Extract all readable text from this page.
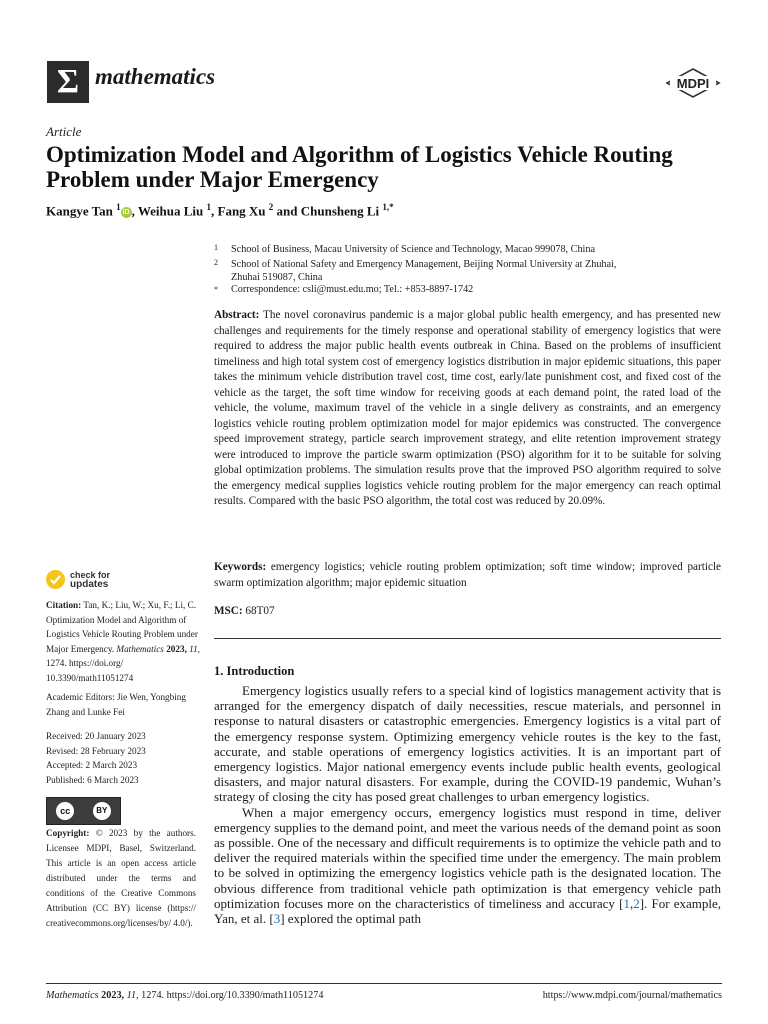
Σ mathematics	MDPI
Article
Optimization Model and Algorithm of Logistics Vehicle Routing Problem under Major Emergency
Kangye Tan $^1$iD , Weihua Liu $^1$, Fang Xu $^2$ and Chunsheng Li $^{1,*}$
1 School of Business, Macau University of Science and Technology, Macao 999078, China
2 School of National Safety and Emergency Management, Beijing Normal University at Zhuhai,
Zhuhai 519087, China
* Correspondence: csli@must.edu.mo; Tel.: +853-8897-1742
Abstract: The novel coronavirus pandemic is a major global public health emergency, and has presented new challenges and requirements for the timely response and operational stability of emergency logistics that were required to address the major public health events outbreak in China. Based on the problems of insufficient timeliness and high total system cost of emergency logistics distribution in major epidemic situations, this paper takes the minimum vehicle distribution travel cost, time cost, early/late punishment cost, and fixed cost of the vehicle as the target, the soft time window for receiving goods at each demand point, the rated load of the vehicle, the volume, maximum travel of the vehicle in a single delivery as constraints, and an emergency logistics vehicle routing problem optimization model for major epidemics was constructed. The convergence speed improvement strategy, particle search improvement strategy, and elite retention improvement strategy were introduced to improve the particle swarm optimization (PSO) algorithm for it to be suitable for solving global optimization problems. The simulation results prove that the improved PSO algorithm required to solve the emergency medical supplies logistics vehicle routing problem for the major emergency can reach optimal results. Compared with the basic PSO algorithm, the total cost was reduced by 20.09%.
Keywords: emergency logistics; vehicle routing problem optimization; soft time window; improved particle swarm optimization algorithm; major epidemic situation
MSC: 68T07
1. Introduction

Emergency logistics usually refers to a special kind of logistics management activity that is arranged for the emergency dispatch of daily necessities, rescue materials, and personnel in response to natural disasters or catastrophic emergencies. Emergency logistics is a vital part of the emergency response system. Optimizing emergency vehicle routes is the key to the fast, accurate, and stable operations of emergency logistics activities. It is an important part of emergency logistics. Major national emergency events include public health events, geological disasters, and major natural disasters. For example, during the COVID-19 pandemic, Wuhan’s strategy of closing the city has posed great challenges to urban emergency logistics.

When a major emergency occurs, emergency logistics must respond in time, deliver emergency supplies to the demand point, and meet the various needs of the demand point as soon as possible. One of the necessary and difficult requirements is to optimize the vehicle path and to deliver the required materials within the specified time under the emergency. The main problem to be solved in optimizing the emergency logistics vehicle path is the designated location. The obvious difference from traditional vehicle path optimization is that emergency vehicle path optimization focuses more on the characteristics of timeliness and accuracy [1,2]. For example, Yan, et al. [3] explored the optimal path

check for
updates
Citation: Tan, K.; Liu, W.; Xu, F.; Li, C. Optimization Model and Algorithm of Logistics Vehicle Routing Problem under Major Emergency. Mathematics 2023, 11, 1274. https://doi.org/ 10.3390/math11051274
Academic Editors: Jie Wen, Yongbing Zhang and Lunke Fei
Received: 20 January 2023
Revised: 28 February 2023
Accepted: 2 March 2023
Published: 6 March 2023
cc	BY
Copyright: © 2023 by the authors. Licensee MDPI, Basel, Switzerland. This article is an open access article distributed under the terms and conditions of the Creative Commons Attribution (CC BY) license (https:// creativecommons.org/licenses/by/ 4.0/).
Mathematics 2023, 11, 1274. https://doi.org/10.3390/math11051274	https://www.mdpi.com/journal/mathematics
